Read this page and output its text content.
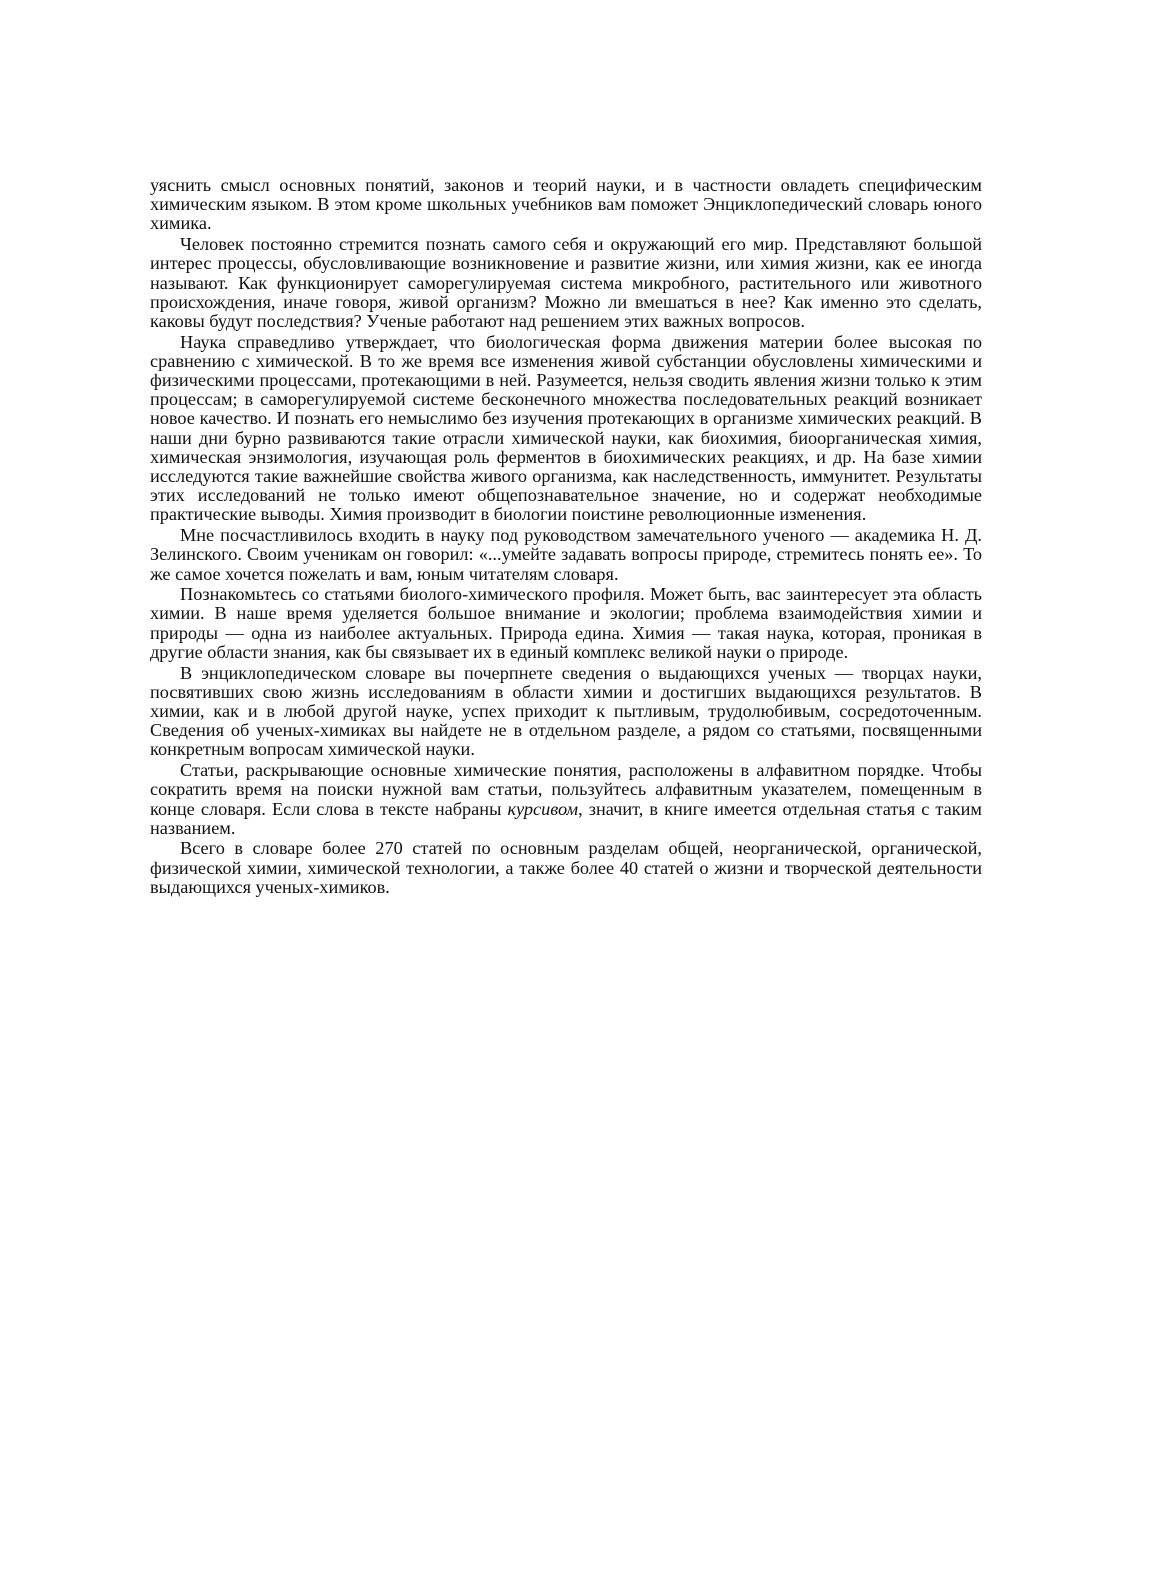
уяснить смысл основных понятий, законов и теорий науки, и в частности овладеть специфическим химическим языком. В этом кроме школьных учебников вам поможет Энциклопедический словарь юного химика.

Человек постоянно стремится познать самого себя и окружающий его мир. Представляют большой интерес процессы, обусловливающие возникновение и развитие жизни, или химия жизни, как ее иногда называют. Как функционирует саморегулируемая система микробного, растительного или животного происхождения, иначе говоря, живой организм? Можно ли вмешаться в нее? Как именно это сделать, каковы будут последствия? Ученые работают над решением этих важных вопросов.

Наука справедливо утверждает, что биологическая форма движения материи более высокая по сравнению с химической. В то же время все изменения живой субстанции обусловлены химическими и физическими процессами, протекающими в ней. Разумеется, нельзя сводить явления жизни только к этим процессам; в саморегулируемой системе бесконечного множества последовательных реакций возникает новое качество. И познать его немыслимо без изучения протекающих в организме химических реакций. В наши дни бурно развиваются такие отрасли химической науки, как биохимия, биоорганическая химия, химическая энзимология, изучающая роль ферментов в биохимических реакциях, и др. На базе химии исследуются такие важнейшие свойства живого организма, как наследственность, иммунитет. Результаты этих исследований не только имеют общепознавательное значение, но и содержат необходимые практические выводы. Химия производит в биологии поистине революционные изменения.

Мне посчастливилось входить в науку под руководством замечательного ученого — академика Н. Д. Зелинского. Своим ученикам он говорил: «...умейте задавать вопросы природе, стремитесь понять ее». То же самое хочется пожелать и вам, юным читателям словаря.

Познакомьтесь со статьями биолого-химического профиля. Может быть, вас заинтересует эта область химии. В наше время уделяется большое внимание и экологии; проблема взаимодействия химии и природы — одна из наиболее актуальных. Природа едина. Химия — такая наука, которая, проникая в другие области знания, как бы связывает их в единый комплекс великой науки о природе.

В энциклопедическом словаре вы почерпнете сведения о выдающихся ученых — творцах науки, посвятивших свою жизнь исследованиям в области химии и достигших выдающихся результатов. В химии, как и в любой другой науке, успех приходит к пытливым, трудолюбивым, сосредоточенным. Сведения об ученых-химиках вы найдете не в отдельном разделе, а рядом со статьями, посвященными конкретным вопросам химической науки.

Статьи, раскрывающие основные химические понятия, расположены в алфавитном порядке. Чтобы сократить время на поиски нужной вам статьи, пользуйтесь алфавитным указателем, помещенным в конце словаря. Если слова в тексте набраны курсивом, значит, в книге имеется отдельная статья с таким названием.

Всего в словаре более 270 статей по основным разделам общей, неорганической, органической, физической химии, химической технологии, а также более 40 статей о жизни и творческой деятельности выдающихся ученых-химиков.
